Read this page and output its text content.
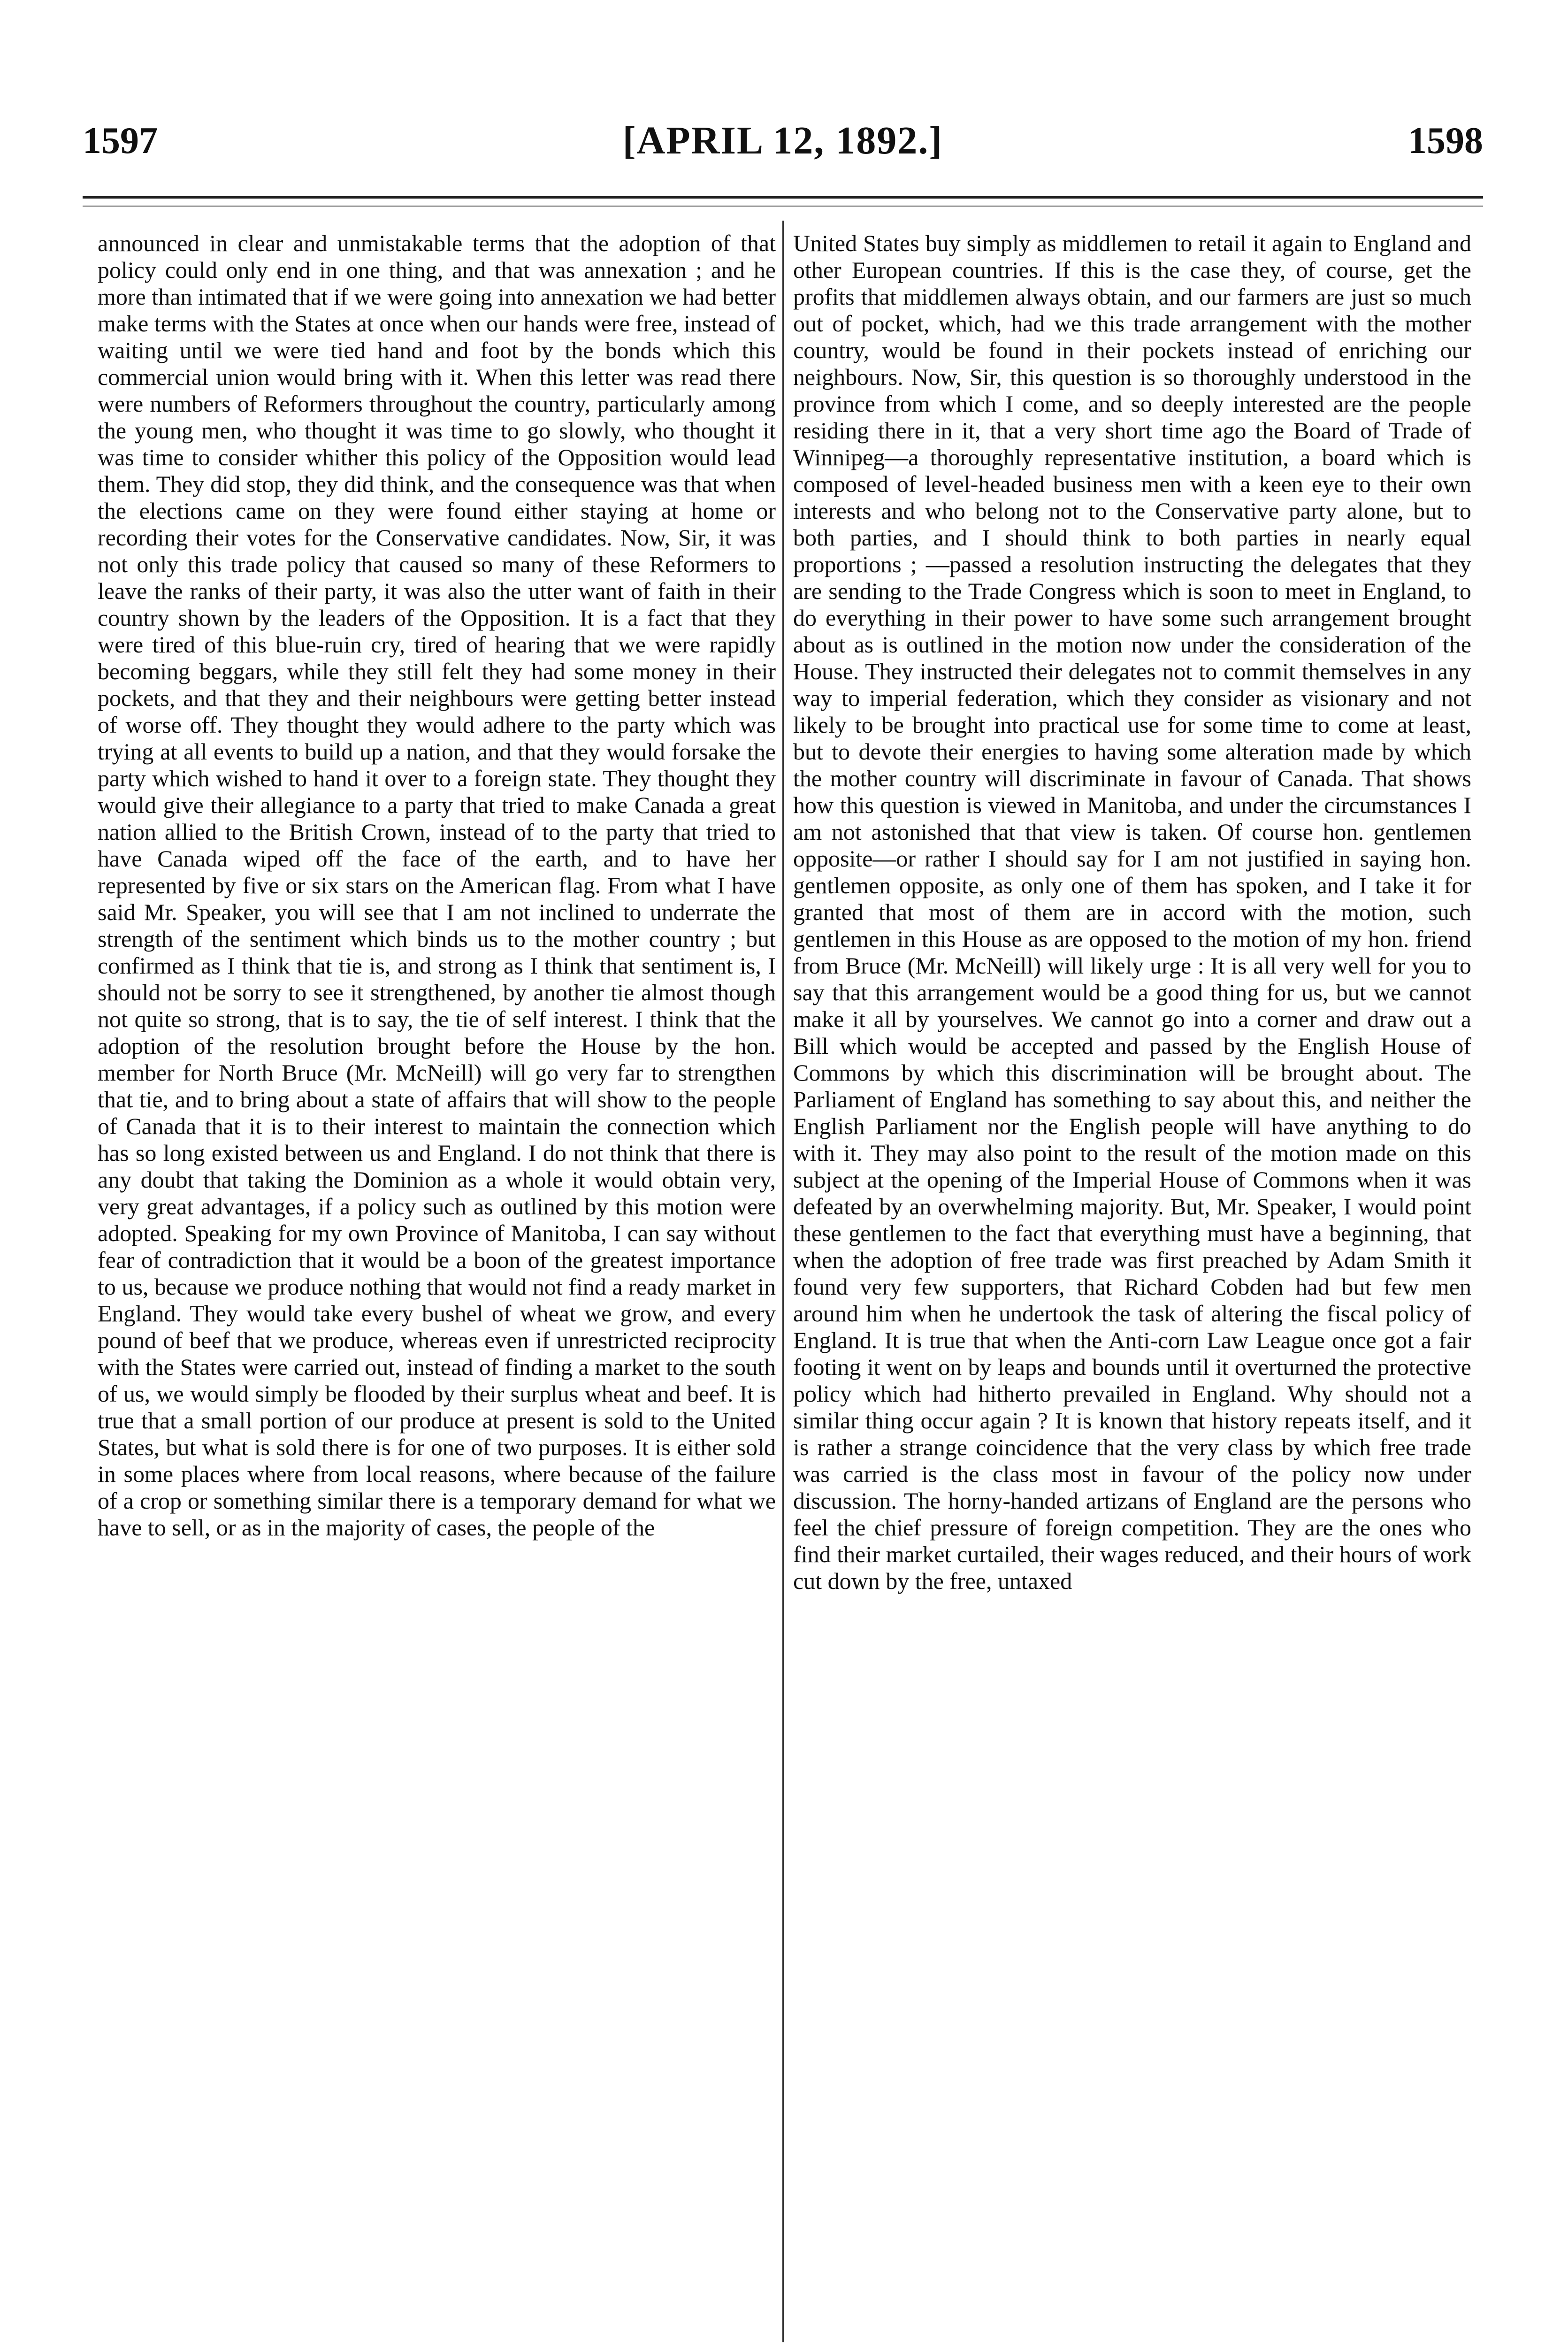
1597	[APRIL 12, 1892.]	1598

announced in clear and unmistakable terms that the adoption of that policy could only end in one thing, and that was annexation ; and he more than intimated that if we were going into annexation we had better make terms with the States at once when our hands were free, instead of waiting until we were tied hand and foot by the bonds which this commercial union would bring with it. When this letter was read there were numbers of Reformers throughout the country, particularly among the young men, who thought it was time to go slowly, who thought it was time to consider whither this policy of the Opposition would lead them. They did stop, they did think, and the consequence was that when the elections came on they were found either staying at home or recording their votes for the Conservative candidates. Now, Sir, it was not only this trade policy that caused so many of these Reformers to leave the ranks of their party, it was also the utter want of faith in their country shown by the leaders of the Opposition. It is a fact that they were tired of this blue-ruin cry, tired of hearing that we were rapidly becoming beggars, while they still felt they had some money in their pockets, and that they and their neighbours were getting better instead of worse off. They thought they would adhere to the party which was trying at all events to build up a nation, and that they would forsake the party which wished to hand it over to a foreign state. They thought they would give their allegiance to a party that tried to make Canada a great nation allied to the British Crown, instead of to the party that tried to have Canada wiped off the face of the earth, and to have her represented by five or six stars on the American flag. From what I have said Mr. Speaker, you will see that I am not inclined to underrate the strength of the sentiment which binds us to the mother country ; but confirmed as I think that tie is, and strong as I think that sentiment is, I should not be sorry to see it strengthened, by another tie almost though not quite so strong, that is to say, the tie of self interest. I think that the adoption of the resolution brought before the House by the hon. member for North Bruce (Mr. McNeill) will go very far to strengthen that tie, and to bring about a state of affairs that will show to the people of Canada that it is to their interest to maintain the connection which has so long existed between us and England. I do not think that there is any doubt that taking the Dominion as a whole it would obtain very, very great advantages, if a policy such as outlined by this motion were adopted. Speaking for my own Province of Manitoba, I can say without fear of contradiction that it would be a boon of the greatest importance to us, because we produce nothing that would not find a ready market in England. They would take every bushel of wheat we grow, and every pound of beef that we produce, whereas even if unrestricted reciprocity with the States were carried out, instead of finding a market to the south of us, we would simply be flooded by their surplus wheat and beef. It is true that a small portion of our produce at present is sold to the United States, but what is sold there is for one of two purposes. It is either sold in some places where from local reasons, where because of the failure of a crop or something similar there is a temporary demand for what we have to sell, or as in the majority of cases, the people of the

United States buy simply as middlemen to retail it again to England and other European countries. If this is the case they, of course, get the profits that middlemen always obtain, and our farmers are just so much out of pocket, which, had we this trade arrangement with the mother country, would be found in their pockets instead of enriching our neighbours. Now, Sir, this question is so thoroughly understood in the province from which I come, and so deeply interested are the people residing there in it, that a very short time ago the Board of Trade of Winnipeg—a thoroughly representative institution, a board which is composed of level-headed business men with a keen eye to their own interests and who belong not to the Conservative party alone, but to both parties, and I should think to both parties in nearly equal proportions ; —passed a resolution instructing the delegates that they are sending to the Trade Congress which is soon to meet in England, to do everything in their power to have some such arrangement brought about as is outlined in the motion now under the consideration of the House. They instructed their delegates not to commit themselves in any way to imperial federation, which they consider as visionary and not likely to be brought into practical use for some time to come at least, but to devote their energies to having some alteration made by which the mother country will discriminate in favour of Canada. That shows how this question is viewed in Manitoba, and under the circumstances I am not astonished that that view is taken. Of course hon. gentlemen opposite—or rather I should say for I am not justified in saying hon. gentlemen opposite, as only one of them has spoken, and I take it for granted that most of them are in accord with the motion, such gentlemen in this House as are opposed to the motion of my hon. friend from Bruce (Mr. McNeill) will likely urge : It is all very well for you to say that this arrangement would be a good thing for us, but we cannot make it all by yourselves. We cannot go into a corner and draw out a Bill which would be accepted and passed by the English House of Commons by which this discrimination will be brought about. The Parliament of England has something to say about this, and neither the English Parliament nor the English people will have anything to do with it. They may also point to the result of the motion made on this subject at the opening of the Imperial House of Commons when it was defeated by an overwhelming majority. But, Mr. Speaker, I would point these gentlemen to the fact that everything must have a beginning, that when the adoption of free trade was first preached by Adam Smith it found very few supporters, that Richard Cobden had but few men around him when he undertook the task of altering the fiscal policy of England. It is true that when the Anti-corn Law League once got a fair footing it went on by leaps and bounds until it overturned the protective policy which had hitherto prevailed in England. Why should not a similar thing occur again ? It is known that history repeats itself, and it is rather a strange coincidence that the very class by which free trade was carried is the class most in favour of the policy now under discussion. The horny-handed artizans of England are the persons who feel the chief pressure of foreign competition. They are the ones who find their market curtailed, their wages reduced, and their hours of work cut down by the free, untaxed
